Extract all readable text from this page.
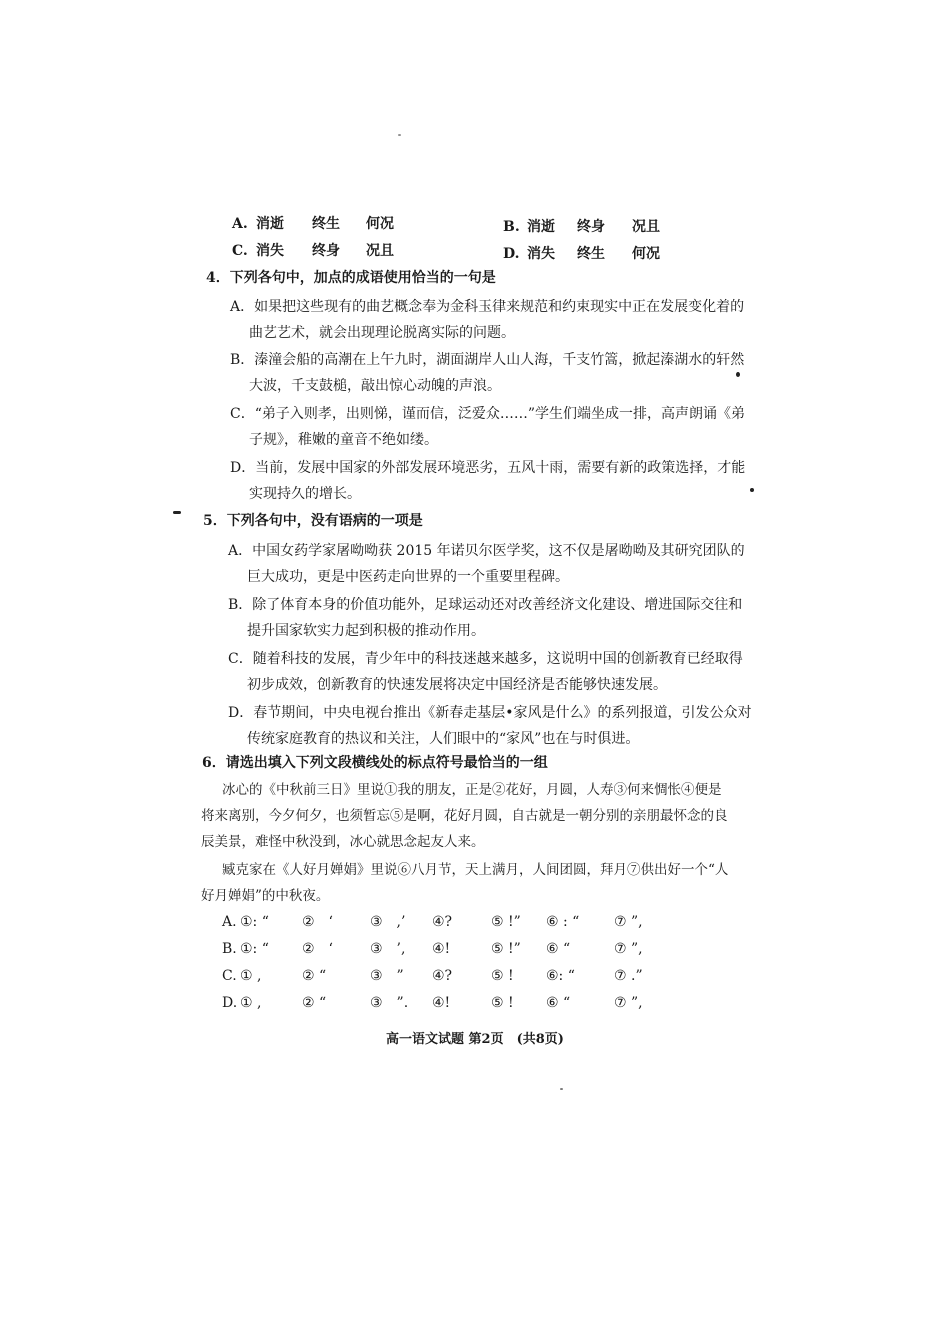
A. 消逝 终生 何况	B. 消逝 终身 况且
C. 消失 终身 况且	D. 消失 终生 何况
4．下列各句中，加点的成语使用恰当的一句是
A．如果把这些现有的曲艺概念奉为金科玉律来规范和约束现实中正在发展变化着的
曲艺艺术，就会出现理论脱离实际的问题。
B．溱潼会船的高潮在上午九时，湖面湖岸人山人海，千支竹篙，掀起溱湖水的轩然
大波，千支鼓槌，敲出惊心动魄的声浪。
C．“弟子入则孝，出则悌，谨而信，泛爱众……”学生们端坐成一排，高声朗诵《弟
子规》，稚嫩的童音不绝如缕。
D．当前，发展中国家的外部发展环境恶劣，五风十雨，需要有新的政策选择，才能
实现持久的增长。
5．下列各句中，没有语病的一项是
A．中国女药学家屠呦呦获 2015 年诺贝尔医学奖，这不仅是屠呦呦及其研究团队的
巨大成功，更是中医药走向世界的一个重要里程碑。
B．除了体育本身的价值功能外，足球运动还对改善经济文化建设、增进国际交往和
提升国家软实力起到积极的推动作用。
C．随着科技的发展，青少年中的科技迷越来越多，这说明中国的创新教育已经取得
初步成效，创新教育的快速发展将决定中国经济是否能够快速发展。
D．春节期间，中央电视台推出《新春走基层•家风是什么》的系列报道，引发公众对
传统家庭教育的热议和关注，人们眼中的“家风”也在与时俱进。
6．请选出填入下列文段横线处的标点符号最恰当的一组
冰心的《中秋前三日》里说①我的朋友，正是②花好，月圆，人寿③何来惆怅④便是
将来离别，今夕何夕，也须暂忘⑤是啊，花好月圆，自古就是一朝分别的亲朋最怀念的良
辰美景，难怪中秋没到，冰心就思念起友人来。
臧克家在《人好月婵娟》里说⑥八月节，天上满月，人间团圆，拜月⑦供出好一个“人
好月婵娟”的中秋夜。
A. ①: “ ②　‘	③　,’ ④?	⑤ !” ⑥ : “ ⑦ ”,
B. ①: “ ②　‘	③　’, ④!	⑤ !” ⑥ “	⑦ ”,
C. ① ,	② “	③　” ④?	⑤ ! ⑥: “	⑦ .”
D. ① ,	② “	③　”. ④!	⑤ ! ⑥ “	⑦ ”,
高一语文试题 第2页　(共8页)
